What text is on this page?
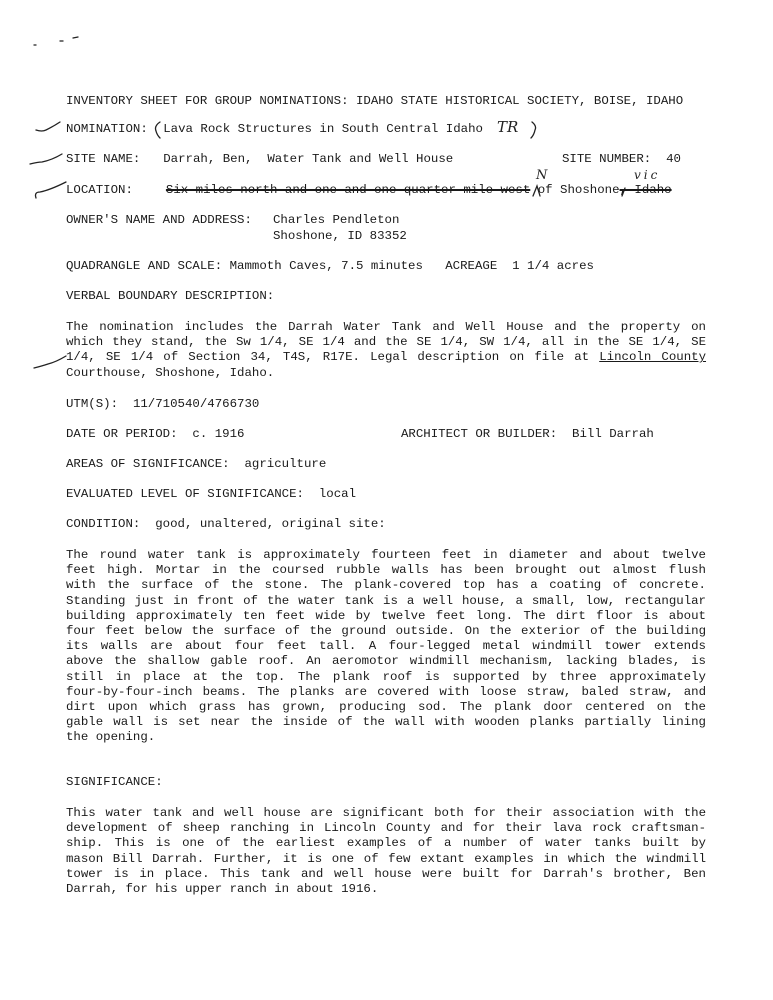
INVENTORY SHEET FOR GROUP NOMINATIONS: IDAHO STATE HISTORICAL SOCIETY, BOISE, IDAHO
NOMINATION: Lava Rock Structures in South Central Idaho TR
SITE NAME: Darrah, Ben,  Water Tank and Well House	SITE NUMBER: 40
LOCATION:	Six miles north and one-and-one-quarter mile west of Shoshone, Idaho
N	vic
OWNER'S NAME AND ADDRESS: Charles Pendleton
Shoshone, ID 83352
QUADRANGLE AND SCALE: Mammoth Caves, 7.5 minutes ACREAGE 1 1/4 acres
VERBAL BOUNDARY DESCRIPTION:
The nomination includes the Darrah Water Tank and Well House and the property on
which they stand, the Sw 1/4, SE 1/4 and the SE 1/4, SW 1/4, all in the SE 1/4, SE
1/4, SE 1/4 of Section 34, T4S, R17E. Legal description on file at Lincoln County
Courthouse, Shoshone, Idaho.
UTM(S): 11/710540/4766730
DATE OR PERIOD: c. 1916	ARCHITECT OR BUILDER: Bill Darrah
AREAS OF SIGNIFICANCE: agriculture
EVALUATED LEVEL OF SIGNIFICANCE: local
CONDITION: good, unaltered, original site:
The round water tank is approximately fourteen feet in diameter and about twelve
feet high. Mortar in the coursed rubble walls has been brought out almost flush
with the surface of the stone. The plank-covered top has a coating of concrete.
Standing just in front of the water tank is a well house, a small, low, rectangular
building approximately ten feet wide by twelve feet long. The dirt floor is about
four feet below the surface of the ground outside. On the exterior of the building
its walls are about four feet tall. A four-legged metal windmill tower extends
above the shallow gable roof. An aeromotor windmill mechanism, lacking blades, is
still in place at the top. The plank roof is supported by three approximately
four-by-four-inch beams. The planks are covered with loose straw, baled straw, and
dirt upon which grass has grown, producing sod. The plank door centered on the
gable wall is set near the inside of the wall with wooden planks partially lining
the opening.
SIGNIFICANCE:
This water tank and well house are significant both for their association with the
development of sheep ranching in Lincoln County and for their lava rock craftsman-
ship. This is one of the earliest examples of a number of water tanks built by
mason Bill Darrah. Further, it is one of few extant examples in which the windmill
tower is in place. This tank and well house were built for Darrah's brother, Ben
Darrah, for his upper ranch in about 1916.
